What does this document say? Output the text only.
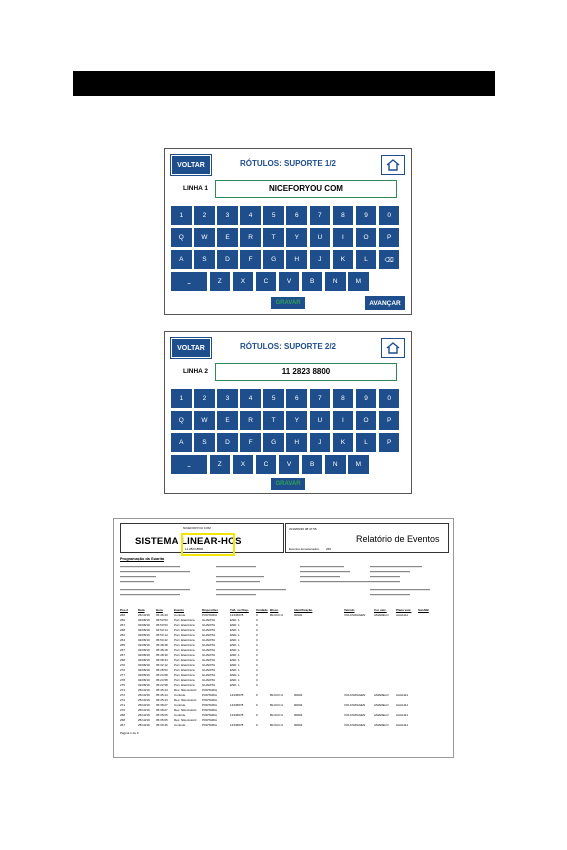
VOLTAR	RÓTULOS: SUPORTE 1/2
LINHA 1	NICEFORYOU COM
1	2	3	4	5	6	7	8	9	0
Q	W	E	R	T	Y	U	I	O	P
A	S	D	F	G	H	J	K	L	⌫
⎵	Z	X	C	V	B	N	M
GRAVAR	AVANÇAR
VOLTAR	RÓTULOS: SUPORTE 2/2
LINHA 2	11 2823 8800
1	2	3	4	5	6	7	8	9	0
Q	W	E	R	T	Y	U	I	O	P
A	S	D	F	G	H	J	K	L	P
⎵	Z	X	C	V	B	N	M
GRAVAR
NICEFORYOU COM
SISTEMA LINEAR-HCS
11 2823 8800
2019/09/30 08:47:55
Relatório de Eventos
Eventos armazenados 256
Programação da Guarita
Pos.#	Data	Hora	Evento	Dispositivo	Tx/L ou Disp.	Unidade Bloco	Identificação	Veículo	Cor veíc.	Placa veíc.	Sat./BB
266	25/10/19	05:46:44	Controle	PORTARIA	12345678	0	BLOCO A	00002	VOLKSWAGEN	AMARELO	AAA1111
266	02/08/19	05:53:53	Port. Eletrônica	GUARITA	END. 1	0
267	02/08/19	05:53:53	Port. Eletrônica	GUARITA	END. 1	0
268	02/08/19	04:53:14	Port. Eletrônica	GUARITA	END. 1	0
262	02/08/19	05:53:14	Port. Eletrônica	GUARITA	END. 1	0
264	02/08/19	05:53:42	Port. Eletrônica	GUARITA	END. 1	0
265	02/08/19	05:48:48	Port. Eletrônica	GUARITA	END. 1	0
267	02/08/19	05:48:18	Port. Eletrônica	GUARITA	END. 1	0
267	02/08/19	05:48:30	Port. Eletrônica	GUARITA	END. 1	0
268	02/08/19	05:38:34	Port. Eletrônica	GUARITA	END. 1	0
270	02/08/19	05:32:12	Port. Eletrônica	GUARITA	END. 1	0
270	02/08/19	05:28:53	Port. Eletrônica	GUARITA	END. 1	0
277	02/08/19	05:24:58	Port. Eletrônica	GUARITA	END. 1	0
278	02/08/19	05:24:58	Port. Eletrônica	GUARITA	END. 1	0
276	02/08/19	05:22:58	Port. Eletrônica	GUARITA	END. 1	0
274	25/10/19	05:45:44	Rec. Não Autoriz.	PORTARIA
272	25/10/19	05:45:44	Controle	PORTARIA	12345678	0	BLOCO A	00002	VOLKSWAGEN	AMARELO	AAA1111
272	25/10/19	05:45:44	Rec. Não Autoriz.	PORTARIA
271	25/10/19	05:38:27	Controle	PORTARIA	12345678	0	BLOCO A	00002	VOLKSWAGEN	AMARELO	AAA1111
270	25/10/19	05:38:27	Rec. Não Autoriz.	PORTARIA
268	25/10/19	05:35:05	Controle	PORTARIA	12345678	0	BLOCO A	00002	VOLKSWAGEN	AMARELO	AAA1111
268	25/10/19	05:35:05	Rec. Não Autoriz.	PORTARIA
267	25/10/19	05:30:45	Controle	PORTARIA	12345678	0	BLOCO A	00002	VOLKSWAGEN	AMARELO	AAA1111
Página 1 de 9
